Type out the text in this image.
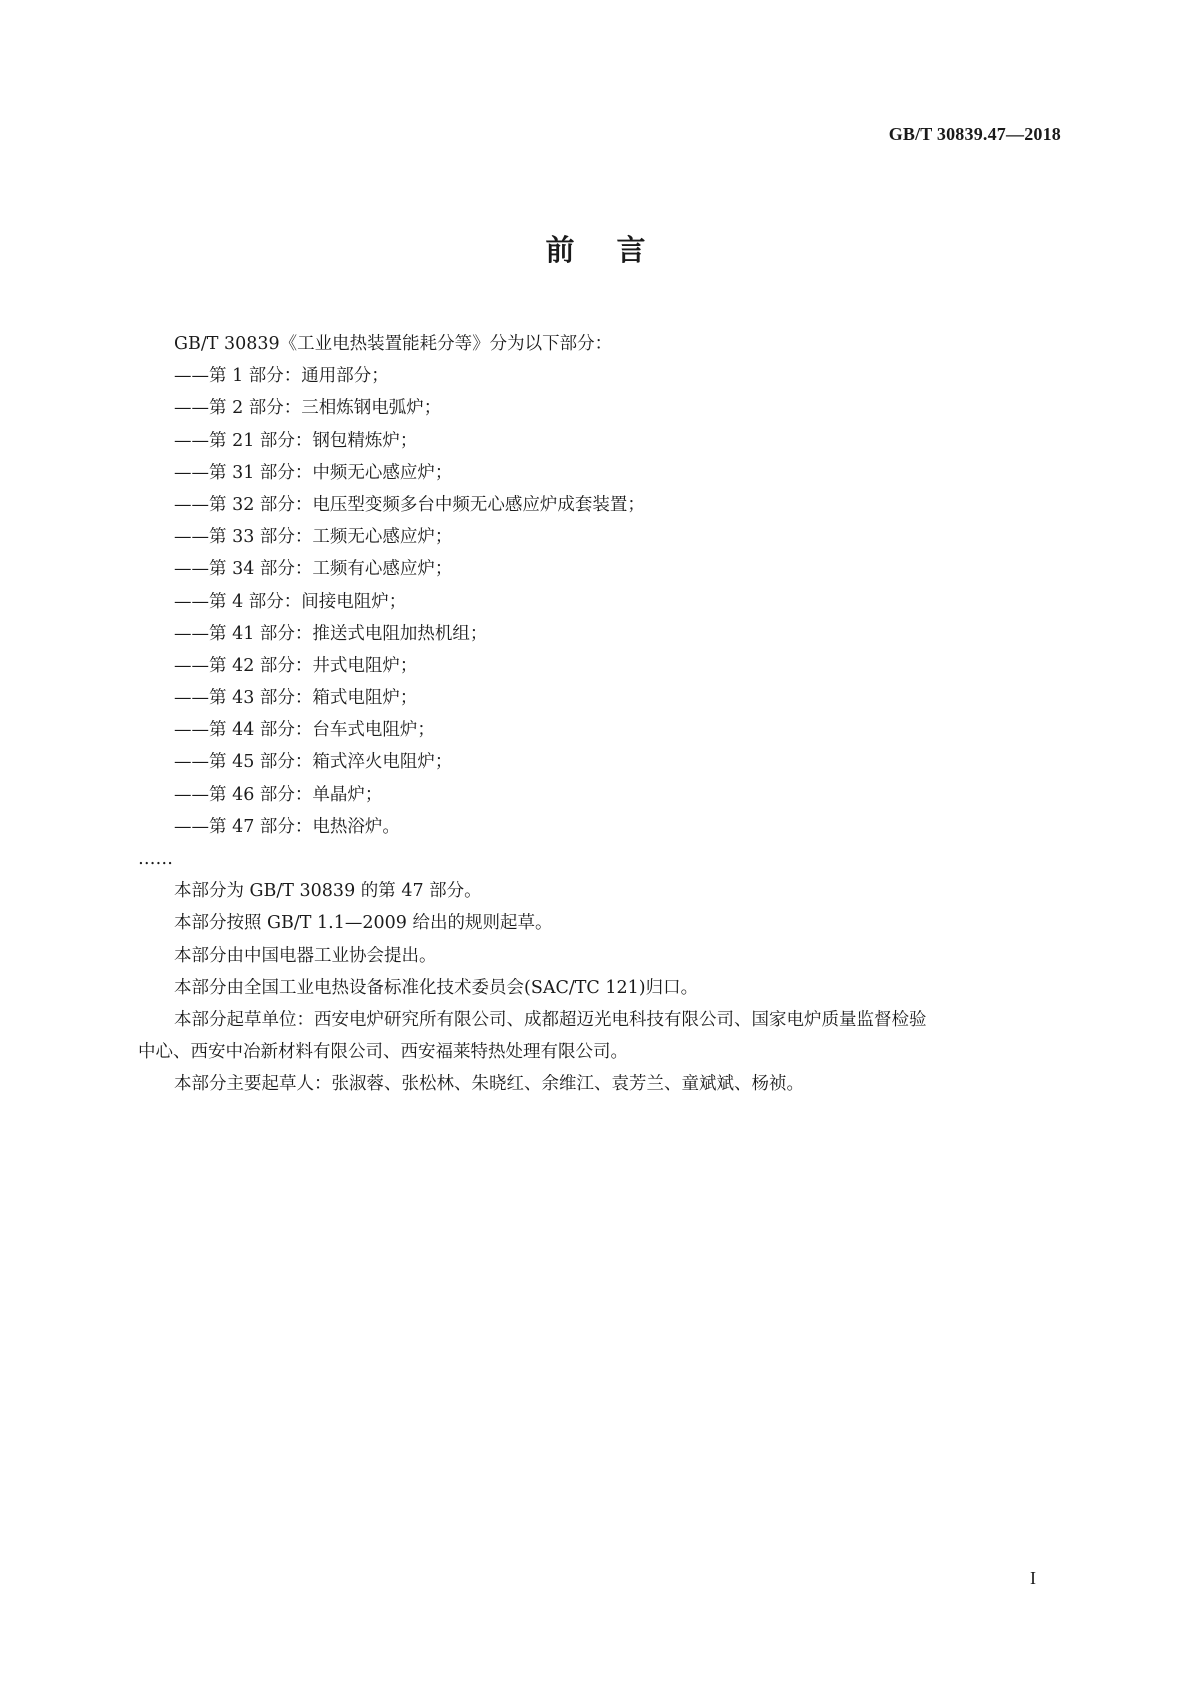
GB/T 30839.47—2018
前言
GB/T 30839《工业电热装置能耗分等》分为以下部分：
——第 1 部分：通用部分；
——第 2 部分：三相炼钢电弧炉；
——第 21 部分：钢包精炼炉；
——第 31 部分：中频无心感应炉；
——第 32 部分：电压型变频多台中频无心感应炉成套装置；
——第 33 部分：工频无心感应炉；
——第 34 部分：工频有心感应炉；
——第 4 部分：间接电阻炉；
——第 41 部分：推送式电阻加热机组；
——第 42 部分：井式电阻炉；
——第 43 部分：箱式电阻炉；
——第 44 部分：台车式电阻炉；
——第 45 部分：箱式淬火电阻炉；
——第 46 部分：单晶炉；
——第 47 部分：电热浴炉。
……
本部分为 GB/T 30839 的第 47 部分。
本部分按照 GB/T 1.1—2009 给出的规则起草。
本部分由中国电器工业协会提出。
本部分由全国工业电热设备标准化技术委员会(SAC/TC 121)归口。
本部分起草单位：西安电炉研究所有限公司、成都超迈光电科技有限公司、国家电炉质量监督检验
中心、西安中冶新材料有限公司、西安福莱特热处理有限公司。
本部分主要起草人：张淑蓉、张松林、朱晓红、余维江、袁芳兰、童斌斌、杨祯。
I
